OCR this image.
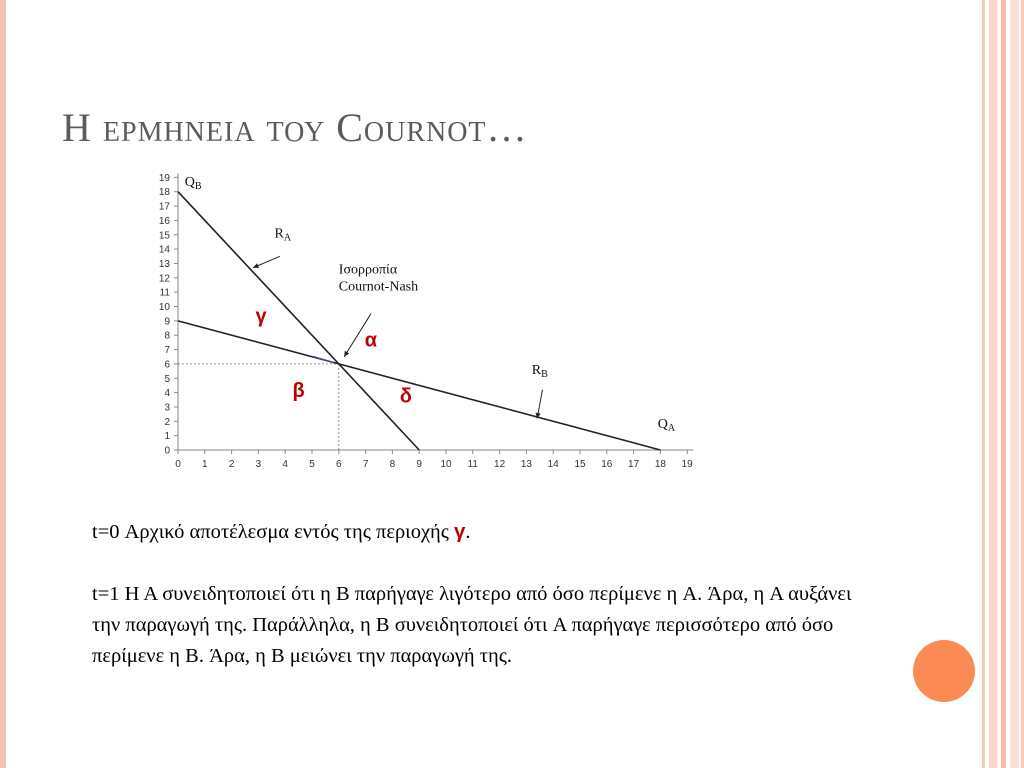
Η ερμηνεια του Cournot…
0 1 2 3 4 5 6 7 8 9 10 11 12 13 14 15 16 17 18 19
0
1
2
3
4
5
6
7
8
9
10
11
12
13
14
15
16
17
18
19 $Q_B$
$Q_A$
$R_A$
$R_B$
Ισορροπία
Cournot-Nash
γ
α
β	δ

t=0 Αρχικό αποτέλεσμα εντός της περιοχής γ.

t=1 H A συνειδητοποιεί ότι η B παρήγαγε λιγότερο από όσο περίμενε η A. Άρα, η A αυξάνει την παραγωγή της. Παράλληλα, η B συνειδητοποιεί ότι A παρήγαγε περισσότερο από όσο περίμενε η B. Άρα, η B μειώνει την παραγωγή της.
